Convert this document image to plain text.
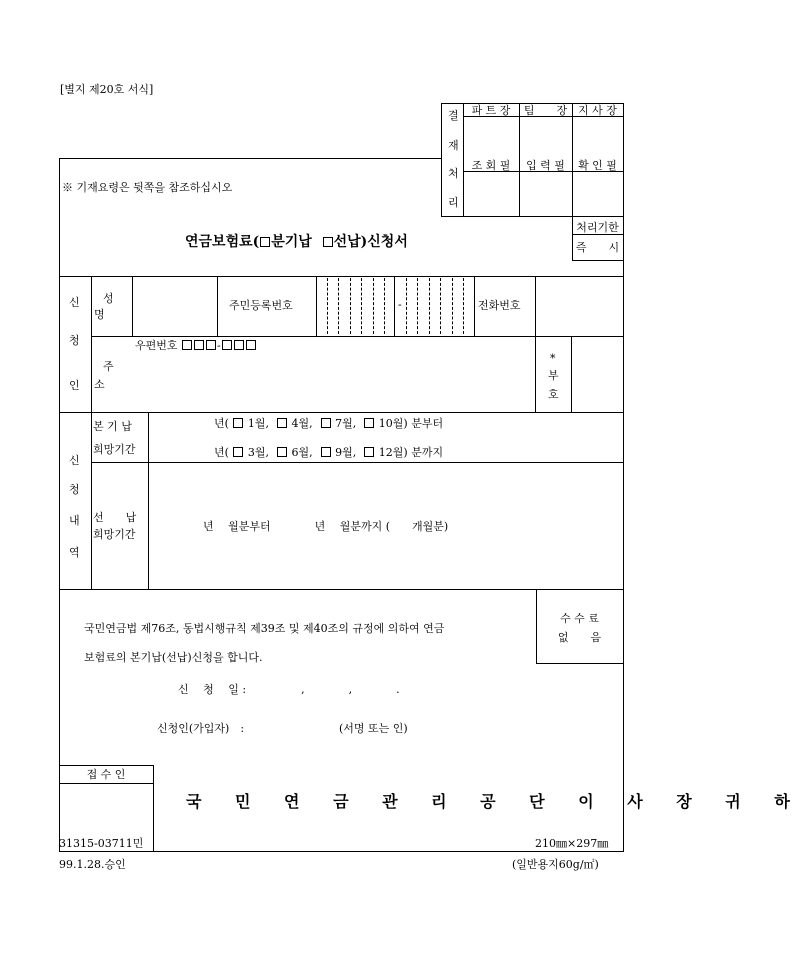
[별지 제20호 서식]
결
재
처
리
파 트 장	팀　　장 지 사 장
조 회 필	입 력 필	확 인 필
※ 기재요령은 뒷쪽을 참조하십시오
연금보험료( 분기납 선납)신청서
처리기한
즉　　시
신
청
인
성
명
주민등록번호	-	전화번호
주
소
우편번호	-
*
부
호
신
청
내
역
본 기 납
희망기간
년( 1월, 4월, 7월, 10월) 분부터
년( 3월, 6월, 9월, 12월) 분까지
선　　납
희망기간
년　 월분부터　　　　년　 월분까지 (　　개월분)
국민연금법 제76조, 동법시행규칙 제39조 및 제40조의 규정에 의하여 연금
보험료의 본기납(선납)신청을 합니다.
신　 청　 일 :　　　　　,　　　　,　　　　.
신청인(가입자)　:	(서명 또는 인)
수 수 료
없　　음
접 수 인
국 민 연 금 관 리 공 단 이 사 장 귀 하
31315-03711민
99.1.28.승인
210㎜×297㎜
(일반용지60g/㎡)
